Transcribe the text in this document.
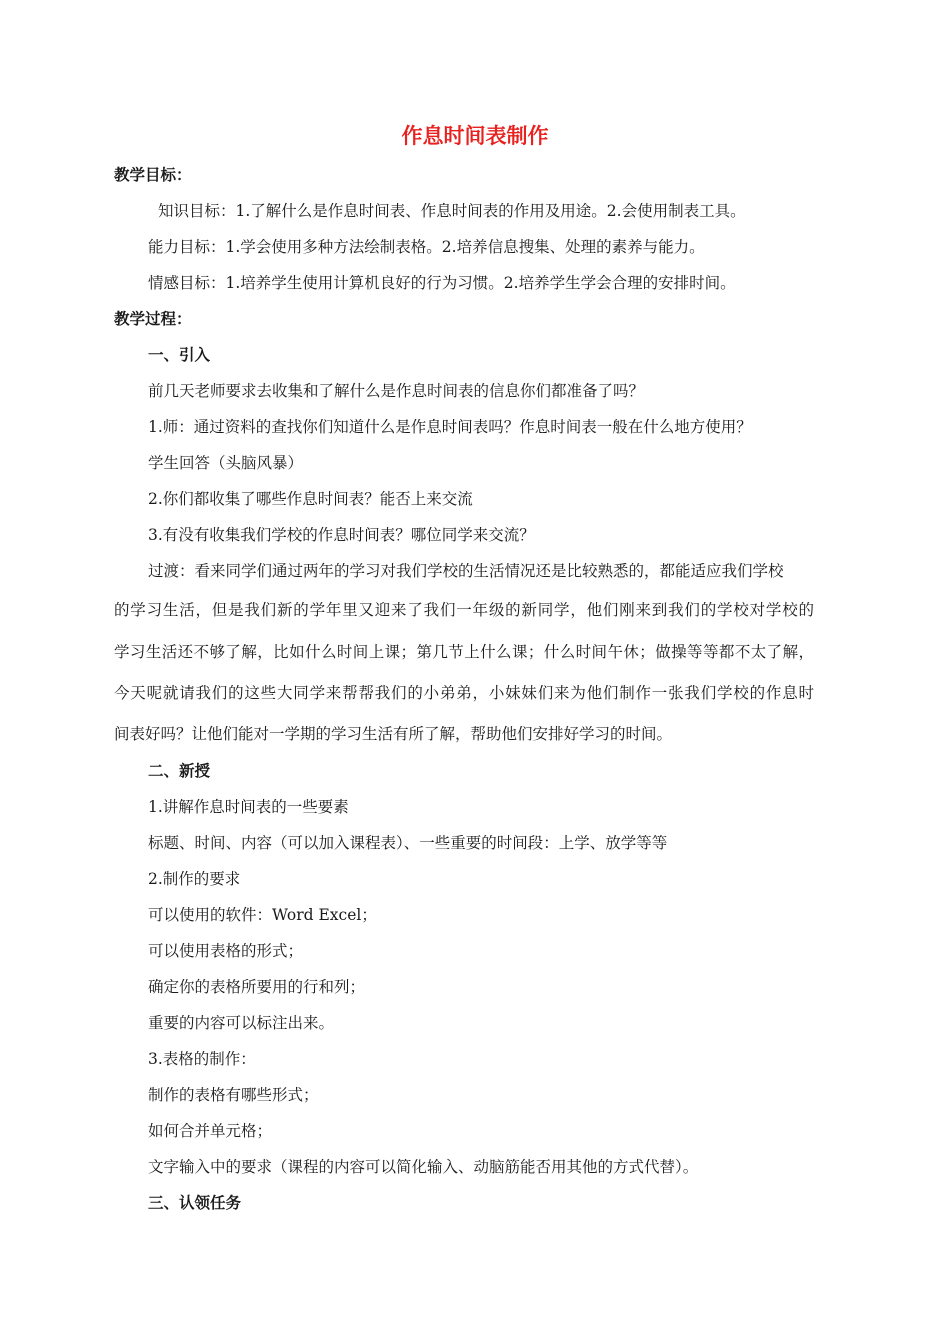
作息时间表制作
教学目标：
知识目标：1.了解什么是作息时间表、作息时间表的作用及用途。2.会使用制表工具。
能力目标：1.学会使用多种方法绘制表格。2.培养信息搜集、处理的素养与能力。
情感目标：1.培养学生使用计算机良好的行为习惯。2.培养学生学会合理的安排时间。
教学过程：
一、引入
前几天老师要求去收集和了解什么是作息时间表的信息你们都准备了吗？
1.师：通过资料的查找你们知道什么是作息时间表吗？作息时间表一般在什么地方使用？
学生回答（头脑风暴）
2.你们都收集了哪些作息时间表？能否上来交流
3.有没有收集我们学校的作息时间表？哪位同学来交流？
过渡：看来同学们通过两年的学习对我们学校的生活情况还是比较熟悉的，都能适应我们学校
的学习生活，但是我们新的学年里又迎来了我们一年级的新同学，他们刚来到我们的学校对学校的
学习生活还不够了解，比如什么时间上课；第几节上什么课；什么时间午休；做操等等都不太了解，
今天呢就请我们的这些大同学来帮帮我们的小弟弟，小妹妹们来为他们制作一张我们学校的作息时
间表好吗？让他们能对一学期的学习生活有所了解，帮助他们安排好学习的时间。
二、新授
1.讲解作息时间表的一些要素
标题、时间、内容（可以加入课程表）、一些重要的时间段：上学、放学等等
2.制作的要求
可以使用的软件：Word Excel；
可以使用表格的形式；
确定你的表格所要用的行和列；
重要的内容可以标注出来。
3.表格的制作：
制作的表格有哪些形式；
如何合并单元格；
文字输入中的要求（课程的内容可以简化输入、动脑筋能否用其他的方式代替）。
三、认领任务
